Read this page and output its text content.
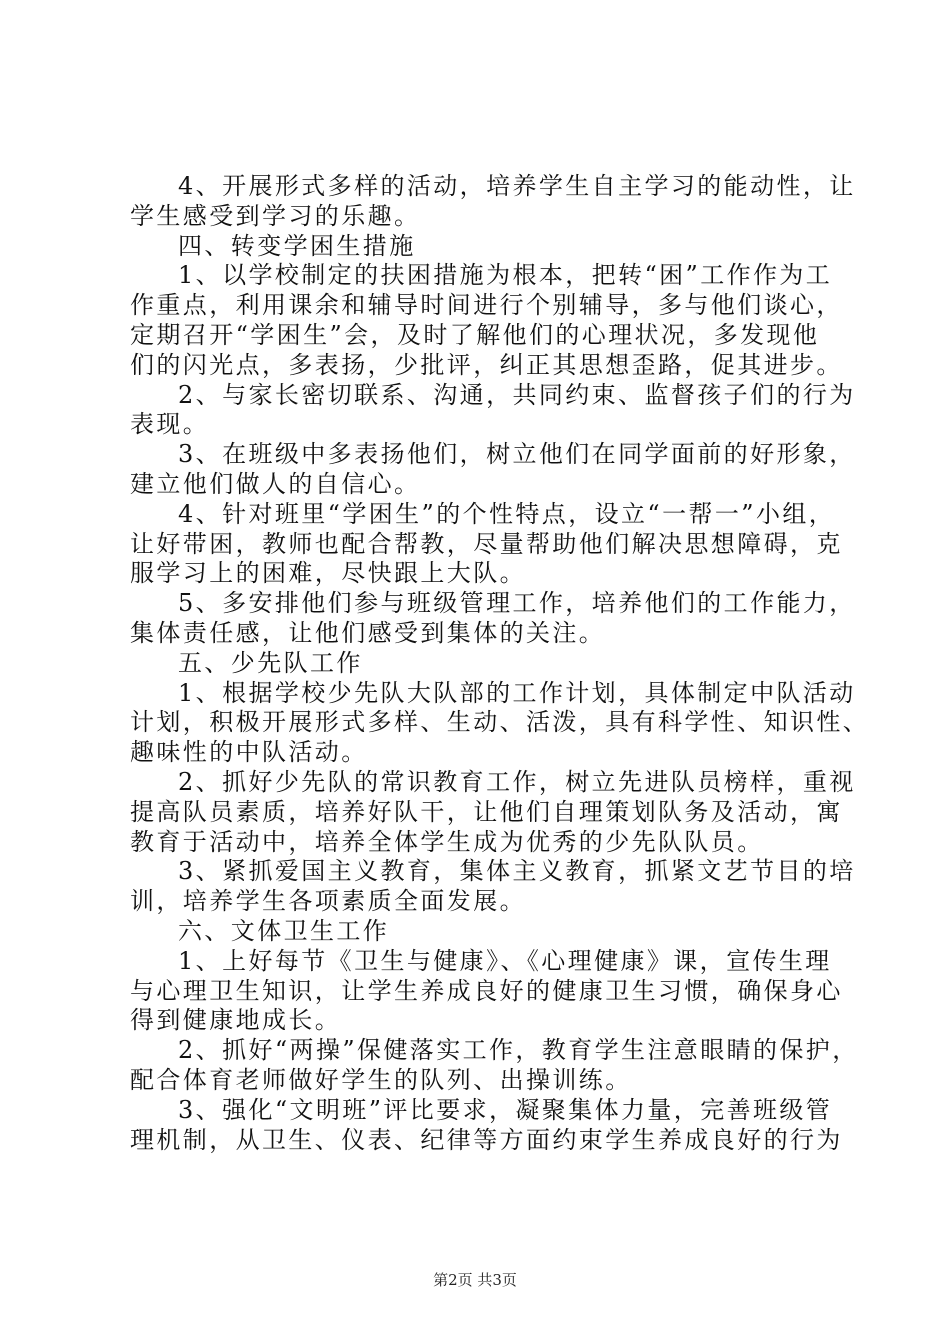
4、开展形式多样的活动，培养学生自主学习的能动性，让
学生感受到学习的乐趣。
四、转变学困生措施
1、以学校制定的扶困措施为根本，把转“困”工作作为工
作重点，利用课余和辅导时间进行个别辅导，多与他们谈心，
定期召开“学困生”会，及时了解他们的心理状况，多发现他
们的闪光点，多表扬，少批评，纠正其思想歪路，促其进步。
2、与家长密切联系、沟通，共同约束、监督孩子们的行为
表现。
3、在班级中多表扬他们，树立他们在同学面前的好形象，
建立他们做人的自信心。
4、针对班里“学困生”的个性特点，设立“一帮一”小组，
让好带困，教师也配合帮教，尽量帮助他们解决思想障碍，克
服学习上的困难，尽快跟上大队。
5、多安排他们参与班级管理工作，培养他们的工作能力，
集体责任感，让他们感受到集体的关注。
五、少先队工作
1、根据学校少先队大队部的工作计划，具体制定中队活动
计划，积极开展形式多样、生动、活泼，具有科学性、知识性、
趣味性的中队活动。
2、抓好少先队的常识教育工作，树立先进队员榜样，重视
提高队员素质，培养好队干，让他们自理策划队务及活动，寓
教育于活动中，培养全体学生成为优秀的少先队队员。
3、紧抓爱国主义教育，集体主义教育，抓紧文艺节目的培
训，培养学生各项素质全面发展。
六、文体卫生工作
1、上好每节《卫生与健康》、《心理健康》课，宣传生理
与心理卫生知识，让学生养成良好的健康卫生习惯，确保身心
得到健康地成长。
2、抓好“两操”保健落实工作，教育学生注意眼睛的保护，
配合体育老师做好学生的队列、出操训练。
3、强化“文明班”评比要求，凝聚集体力量，完善班级管
理机制，从卫生、仪表、纪律等方面约束学生养成良好的行为
第2页 共3页
